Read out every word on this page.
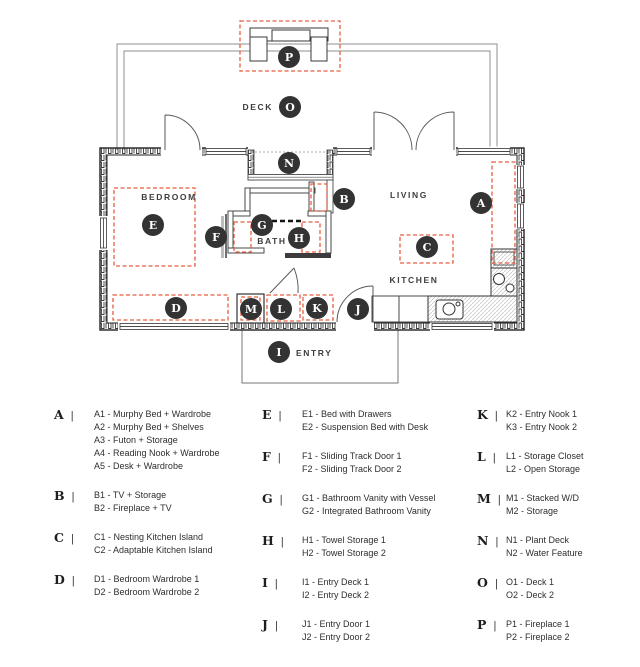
DECK
BEDROOM
BATH
LIVING
KITCHEN
ENTRY
A
B
C
D
E
F
G
H
I
J
K
L
M
N
O
P
A |	A1 - Murphy Bed + Wardrobe
A2 - Murphy Bed + Shelves
A3 - Futon + Storage
A4 - Reading Nook + Wardrobe
A5 - Desk + Wardrobe
B |	B1 - TV + Storage
B2 - Fireplace + TV
C |	C1 - Nesting Kitchen Island
C2 - Adaptable Kitchen Island
D |	D1 - Bedroom Wardrobe 1
D2 - Bedroom Wardrobe 2
E |	E1 - Bed with Drawers
E2 - Suspension Bed with Desk
F |	F1 - Sliding Track Door 1
F2 - Sliding Track Door 2
G |	G1 - Bathroom Vanity with Vessel
G2 - Integrated Bathroom Vanity
H |	H1 - Towel Storage 1
H2 - Towel Storage 2
I |	I1 - Entry Deck 1
I2 - Entry Deck 2
J |	J1 - Entry Door 1
J2 - Entry Door 2
K |	K2 - Entry Nook 1
K3 - Entry Nook 2
L |	L1 - Storage Closet
L2 - Open Storage
M |	M1 - Stacked W/D
M2 - Storage
N |	N1 - Plant Deck
N2 - Water Feature
O |	O1 - Deck 1
O2 - Deck 2
P |	P1 - Fireplace 1
P2 - Fireplace 2
